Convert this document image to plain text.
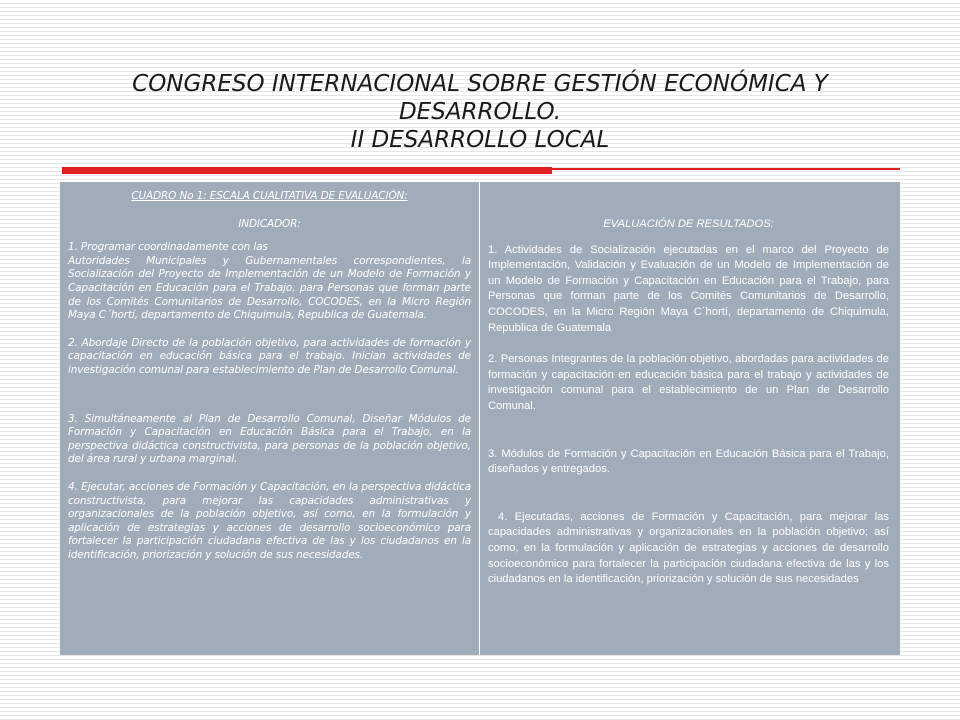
CONGRESO INTERNACIONAL SOBRE GESTIÓN ECONÓMICA Y
DESARROLLO.
II DESARROLLO LOCAL

CUADRO No 1: ESCALA CUALITATIVA DE EVALUACIÓN:

INDICADOR:

1. Programar coordinadamente con las

Autoridades Municipales y Gubernamentales correspondientes, la Socialización del Proyecto de Implementación de un Modelo de Formación y Capacitación en Educación para el Trabajo, para Personas que forman parte de los Comités Comunitarios de Desarrollo, COCODES, en la Micro Región Maya C´hortí, departamento de Chiquimula, Republica de Guatemala.

2. Abordaje Directo de la población objetivo, para actividades de formación y capacitación en educación básica para el trabajo. Inician actividades de investigación comunal para establecimiento de Plan de Desarrollo Comunal.

3. Simultáneamente al Plan de Desarrollo Comunal, Diseñar Módulos de Formación y Capacitación en Educación Básica para el Trabajo, en la perspectiva didáctica constructivista, para personas de la población objetivo, del área rural y urbana marginal.

4. Ejecutar, acciones de Formación y Capacitación, en la perspectiva didáctica constructivista, para mejorar las capacidades administrativas y organizacionales de la población objetivo, así como, en la formulación y aplicación de estrategias y acciones de desarrollo socioeconómico para fortalecer la participación ciudadana efectiva de las y los ciudadanos en la identificación, priorización y solución de sus necesidades.

EVALUACIÓN DE RESULTADOS:

1. Actividades de Socialización ejecutadas en el marco del Proyecto de Implementación, Validación y Evaluación de un Modelo de Implementación de un Modelo de Formación y Capacitación en Educación para el Trabajo, para Personas que forman parte de los Comités Comunitarios de Desarrollo, COCODES, en la Micro Región Maya C´hortí, departamento de Chiquimula, Republica de Guatemala

2. Personas Integrantes de la población objetivo, abordadas para actividades de formación y capacitación en educación básica para el trabajo y actividades de investigación comunal para el establecimiento de un Plan de Desarrollo Comunal.

3. Módulos de Formación y Capacitación en Educación Básica para el Trabajo, diseñados y entregados.

4. Ejecutadas, acciones de Formación y Capacitación, para mejorar las capacidades administrativas y organizacionales en la población objetivo; así como, en la formulación y aplicación de estrategias y acciones de desarrollo socioeconómico para fortalecer la participación ciudadana efectiva de las y los ciudadanos en la identificación, priorización y solución de sus necesidades
